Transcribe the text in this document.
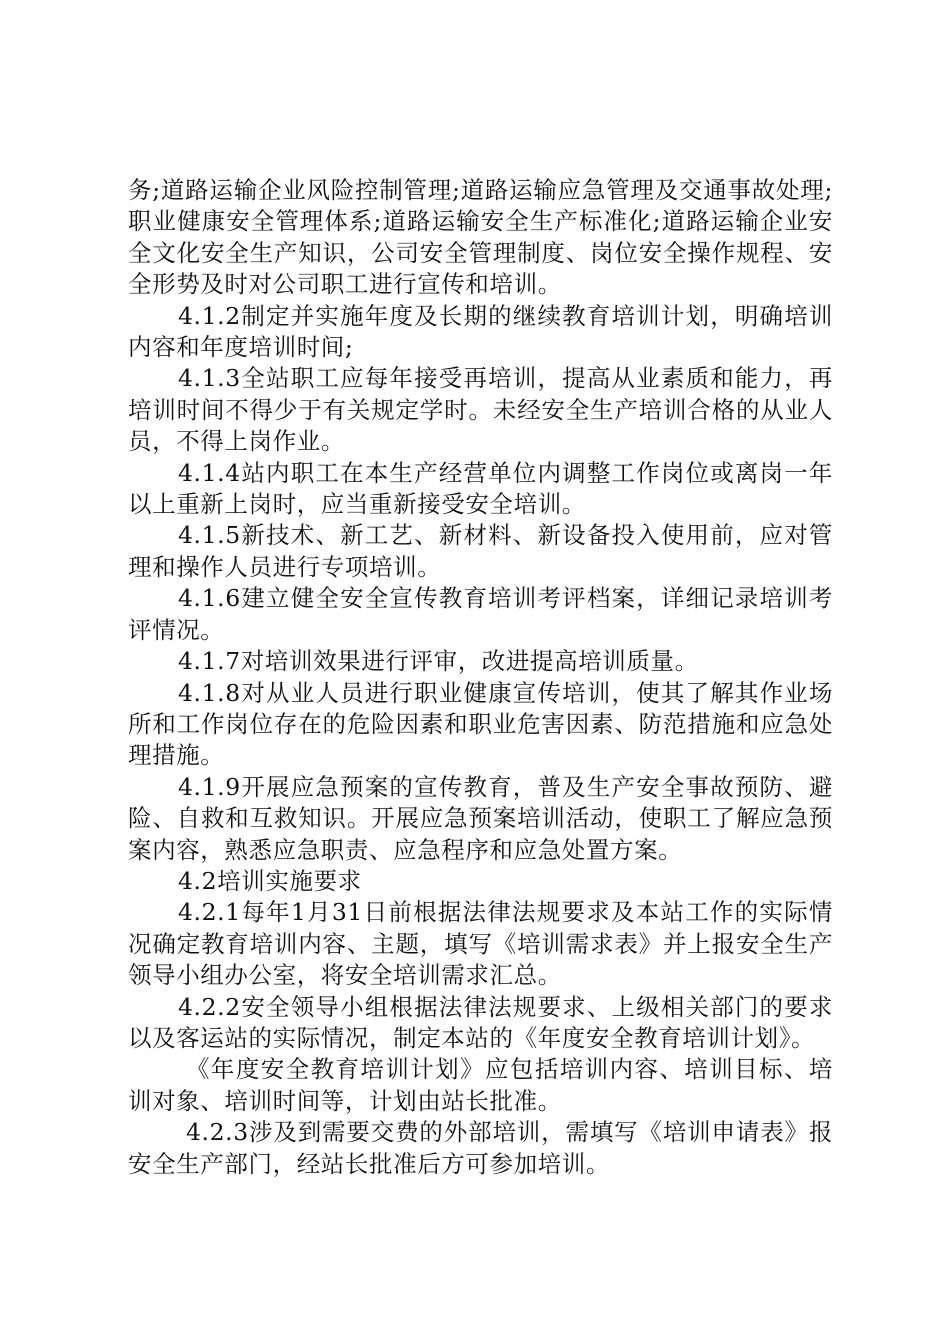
务;道路运输企业风险控制管理;道路运输应急管理及交通事故处理;职业健康安全管理体系;道路运输安全生产标准化;道路运输企业安全文化安全生产知识，公司安全管理制度、岗位安全操作规程、安全形势及时对公司职工进行宣传和培训。

4.1.2制定并实施年度及长期的继续教育培训计划，明确培训内容和年度培训时间;

4.1.3全站职工应每年接受再培训，提高从业素质和能力，再培训时间不得少于有关规定学时。未经安全生产培训合格的从业人员，不得上岗作业。

4.1.4站内职工在本生产经营单位内调整工作岗位或离岗一年以上重新上岗时，应当重新接受安全培训。

4.1.5新技术、新工艺、新材料、新设备投入使用前，应对管理和操作人员进行专项培训。

4.1.6建立健全安全宣传教育培训考评档案，详细记录培训考评情况。

4.1.7对培训效果进行评审，改进提高培训质量。

4.1.8对从业人员进行职业健康宣传培训，使其了解其作业场所和工作岗位存在的危险因素和职业危害因素、防范措施和应急处理措施。

4.1.9开展应急预案的宣传教育，普及生产安全事故预防、避险、自救和互救知识。开展应急预案培训活动，使职工了解应急预案内容，熟悉应急职责、应急程序和应急处置方案。

4.2培训实施要求

4.2.1每年1月31日前根据法律法规要求及本站工作的实际情况确定教育培训内容、主题，填写《培训需求表》并上报安全生产领导小组办公室，将安全培训需求汇总。

4.2.2安全领导小组根据法律法规要求、上级相关部门的要求以及客运站的实际情况，制定本站的《年度安全教育培训计划》。

《年度安全教育培训计划》应包括培训内容、培训目标、培训对象、培训时间等，计划由站长批准。

4.2.3涉及到需要交费的外部培训，需填写《培训申请表》报安全生产部门，经站长批准后方可参加培训。
